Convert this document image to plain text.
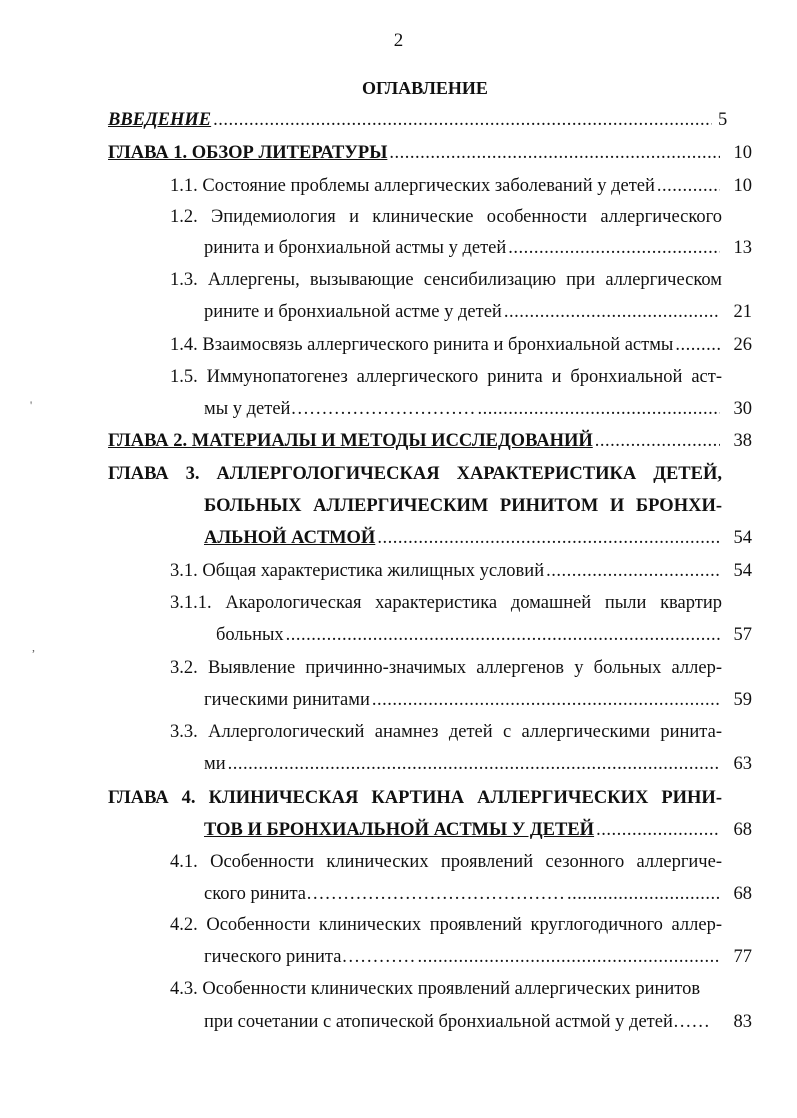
2
ОГЛАВЛЕНИЕ
ВВЕДЕНИЕ .....	5
ГЛАВА 1. ОБЗОР ЛИТЕРАТУРЫ .....	10
1.1. Состояние проблемы аллергических заболеваний у детей .....	10
1.2. Эпидемиология и клинические особенности аллергического
ринита и бронхиальной астмы у детей .....	13
1.3. Аллергены, вызывающие сенсибилизацию при аллергическом
рините и бронхиальной астме у детей .....	21
1.4. Взаимосвязь аллергического ринита и бронхиальной астмы .....	26
1.5. Иммунопатогенез аллергического ринита и бронхиальной аст-
мы у детей………………………… .....	30
ГЛАВА 2. МАТЕРИАЛЫ И МЕТОДЫ ИССЛЕДОВАНИЙ .....	38
ГЛАВА 3. АЛЛЕРГОЛОГИЧЕСКАЯ ХАРАКТЕРИСТИКА ДЕТЕЙ,
БОЛЬНЫХ АЛЛЕРГИЧЕСКИМ РИНИТОМ И БРОНХИ-
АЛЬНОЙ АСТМОЙ .....	54
3.1. Общая характеристика жилищных условий .....	54
3.1.1. Акарологическая характеристика домашней пыли квартир
больных .....	57
3.2. Выявление причинно-значимых аллергенов у больных аллер-
гическими ринитами .....	59
3.3. Аллергологический анамнез детей с аллергическими ринита-
ми .....	63
ГЛАВА 4. КЛИНИЧЕСКАЯ КАРТИНА АЛЛЕРГИЧЕСКИХ РИНИ-
ТОВ И БРОНХИАЛЬНОЙ АСТМЫ У ДЕТЕЙ .....	68
4.1. Особенности клинических проявлений сезонного аллергиче-
ского ринита…………………………………… .....	68
4.2. Особенности клинических проявлений круглогодичного аллер-
гического ринита………… .....	77
4.3. Особенности клинических проявлений аллергических ринитов
при сочетании с атопической бронхиальной астмой у детей……	83
'
,
